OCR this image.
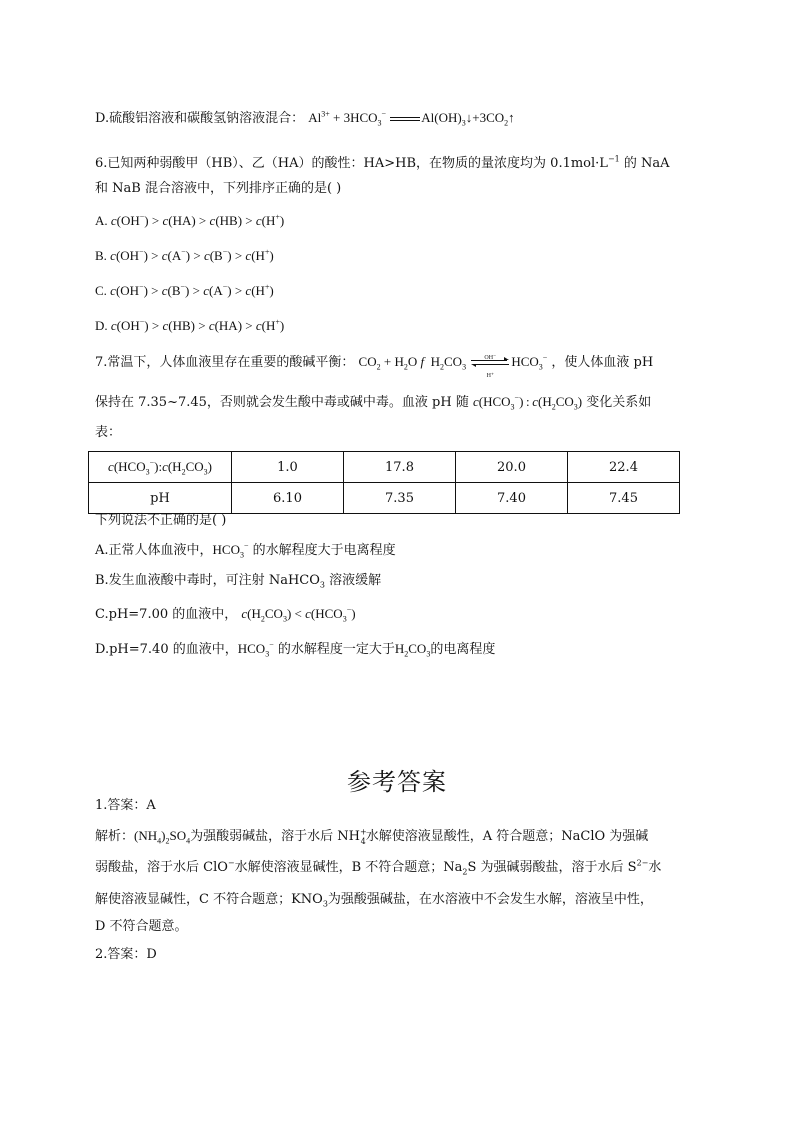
D.硫酸铝溶液和碳酸氢钠溶液混合： $Al^{3+} + 3HCO_3^-$	$Al(OH)_3↓+3CO_2↑$
6.已知两种弱酸甲（HB）、乙（HA）的酸性：HA>HB，在物质的量浓度均为 $0.1mol\cdot L^{-1}$ 的 NaA
和 NaB 混合溶液中，下列排序正确的是( )
A. c(OH−) > c(HA) > c(HB) > c(H+)
B. c(OH−) > c(A−) > c(B−) > c(H+)
C. c(OH−) > c(B−) > c(A−) > c(H+)
D. c(OH−) > c(HB) > c(HA) > c(H+)
7.常温下，人体血液里存在重要的酸碱平衡： $CO_2 + H_2O$ f  $H_2CO_3 \frac{OH^-}{H^+} HCO_3^-$ ，使人体血液 pH
保持在 7.35~7.45，否则就会发生酸中毒或碱中毒。血液 pH 随 $c(HCO_3^-)$ : $c(H_2CO_3)$ 变化关系如
表：
$c(HCO_3^-):c(H_2CO_3)$	1.0	17.8	20.0	22.4
pH	6.10	7.35	7.40	7.45
下列说法不正确的是( )
A.正常人体血液中，$HCO_3^-$ 的水解程度大于电离程度
B.发生血液酸中毒时，可注射 NaHCO$_3$ 溶液缓解
C.pH=7.00 的血液中， $c(H_2CO_3) < c(HCO_3^-)$
D.pH=7.40 的血液中，$HCO_3^-$ 的水解程度一定大于$H_2CO_3$的电离程度
参考答案
1.答案：A
解析：$(NH_4)_2SO_4$为强酸弱碱盐，溶于水后 $NH^+_4$水解使溶液显酸性，A 符合题意；NaClO 为强碱
弱酸盐，溶于水后 ClO−水解使溶液显碱性，B 不符合题意；$Na_2S$ 为强碱弱酸盐，溶于水后 $S^{2-}$水
解使溶液显碱性，C 不符合题意；$KNO_3$为强酸强碱盐，在水溶液中不会发生水解，溶液呈中性，
D 不符合题意。
2.答案：D
